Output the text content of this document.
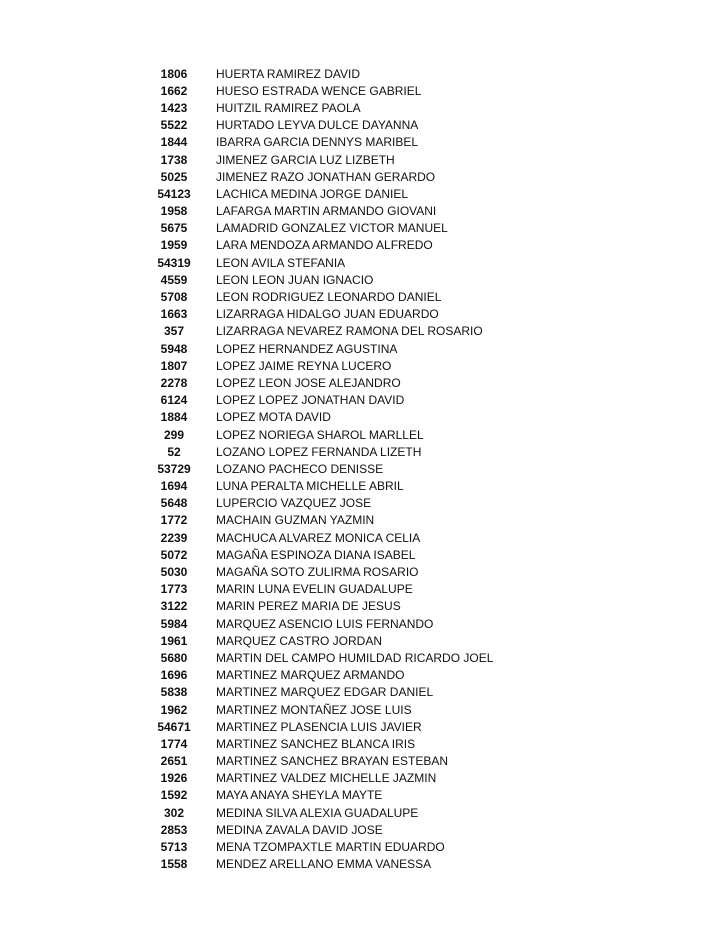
1806	HUERTA RAMIREZ DAVID
1662	HUESO ESTRADA WENCE GABRIEL
1423	HUITZIL RAMIREZ PAOLA
5522	HURTADO LEYVA DULCE DAYANNA
1844	IBARRA GARCIA DENNYS MARIBEL
1738	JIMENEZ GARCIA LUZ LIZBETH
5025	JIMENEZ RAZO JONATHAN GERARDO
54123	LACHICA MEDINA JORGE DANIEL
1958	LAFARGA MARTIN ARMANDO GIOVANI
5675	LAMADRID GONZALEZ VICTOR MANUEL
1959	LARA MENDOZA ARMANDO ALFREDO
54319	LEON AVILA STEFANIA
4559	LEON LEON JUAN IGNACIO
5708	LEON RODRIGUEZ LEONARDO DANIEL
1663	LIZARRAGA HIDALGO JUAN EDUARDO
357	LIZARRAGA NEVAREZ RAMONA DEL ROSARIO
5948	LOPEZ HERNANDEZ AGUSTINA
1807	LOPEZ JAIME REYNA LUCERO
2278	LOPEZ LEON JOSE ALEJANDRO
6124	LOPEZ LOPEZ JONATHAN DAVID
1884	LOPEZ MOTA DAVID
299	LOPEZ NORIEGA SHAROL MARLLEL
52	LOZANO LOPEZ FERNANDA LIZETH
53729	LOZANO PACHECO DENISSE
1694	LUNA PERALTA MICHELLE ABRIL
5648	LUPERCIO VAZQUEZ JOSE
1772	MACHAIN GUZMAN YAZMIN
2239	MACHUCA ALVAREZ MONICA CELIA
5072	MAGAÑA ESPINOZA DIANA ISABEL
5030	MAGAÑA SOTO ZULIRMA ROSARIO
1773	MARIN LUNA EVELIN GUADALUPE
3122	MARIN PEREZ MARIA DE JESUS
5984	MARQUEZ ASENCIO LUIS FERNANDO
1961	MARQUEZ CASTRO JORDAN
5680	MARTIN DEL CAMPO HUMILDAD RICARDO JOEL
1696	MARTINEZ MARQUEZ ARMANDO
5838	MARTINEZ MARQUEZ EDGAR DANIEL
1962	MARTINEZ MONTAÑEZ JOSE LUIS
54671	MARTINEZ PLASENCIA LUIS JAVIER
1774	MARTINEZ SANCHEZ BLANCA IRIS
2651	MARTINEZ SANCHEZ BRAYAN ESTEBAN
1926	MARTINEZ VALDEZ MICHELLE JAZMIN
1592	MAYA ANAYA SHEYLA MAYTE
302	MEDINA SILVA ALEXIA GUADALUPE
2853	MEDINA ZAVALA DAVID JOSE
5713	MENA TZOMPAXTLE MARTIN EDUARDO
1558	MENDEZ ARELLANO EMMA VANESSA
